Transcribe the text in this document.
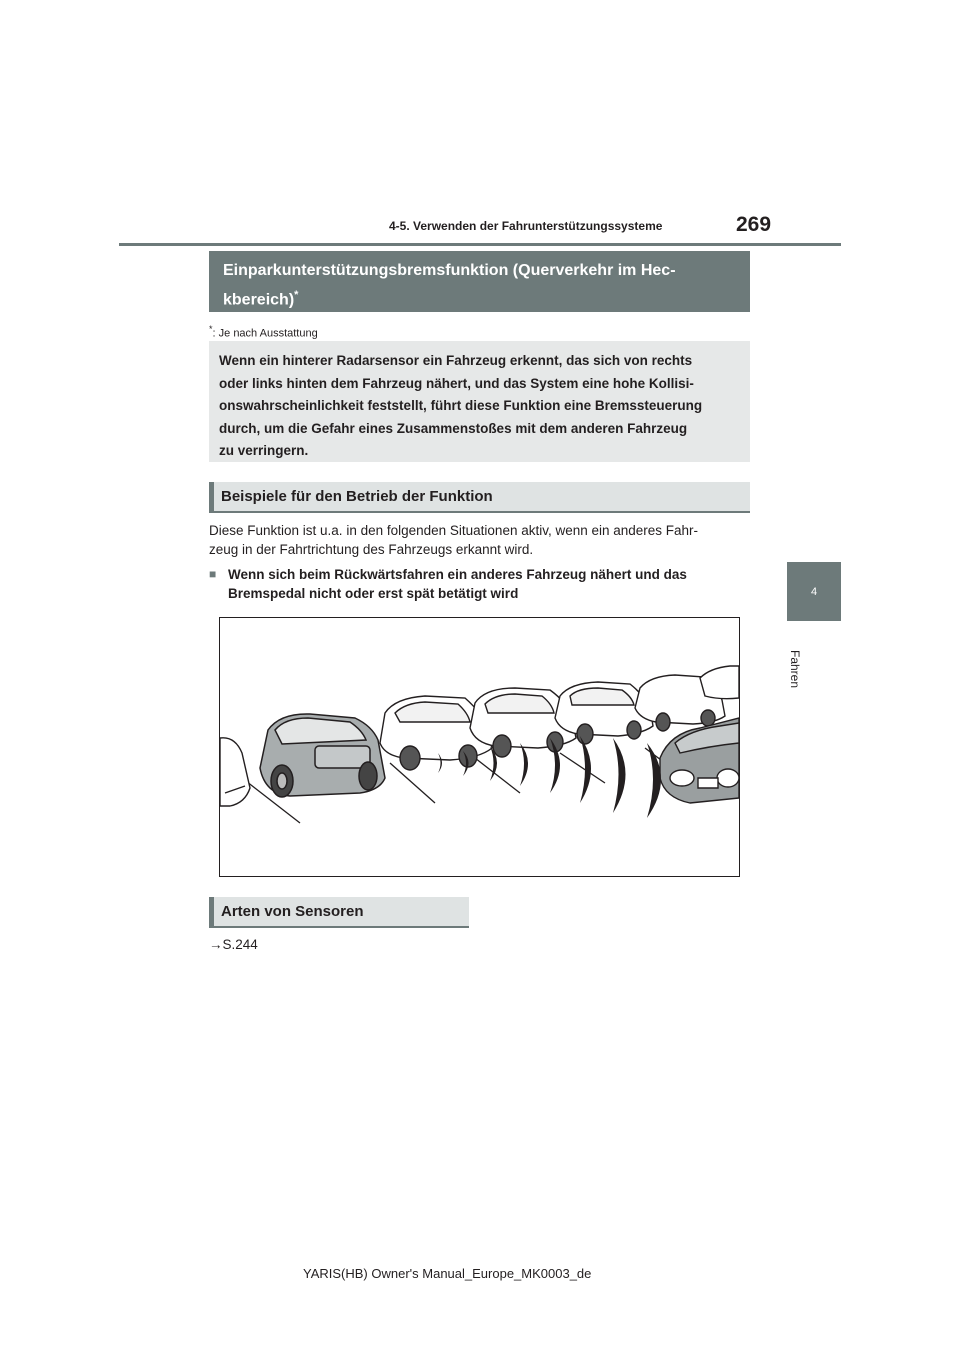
4-5. Verwenden der Fahrunterstützungssysteme	269
4
Fahren
Einparkunterstützungsbremsfunktion (Querverkehr im Hec-
kbereich)*
*: Je nach Ausstattung
Wenn ein hinterer Radarsensor ein Fahrzeug erkennt, das sich von rechts
oder links hinten dem Fahrzeug nähert, und das System eine hohe Kollisi-
onswahrscheinlichkeit feststellt, führt diese Funktion eine Bremssteuerung
durch, um die Gefahr eines Zusammenstoßes mit dem anderen Fahrzeug
zu verringern.
Beispiele für den Betrieb der Funktion
Diese Funktion ist u.a. in den folgenden Situationen aktiv, wenn ein anderes Fahr-
zeug in der Fahrtrichtung des Fahrzeugs erkannt wird.
■ Wenn sich beim Rückwärtsfahren ein anderes Fahrzeug nähert und das
Bremspedal nicht oder erst spät betätigt wird
Arten von Sensoren
→S.244
YARIS(HB) Owner's Manual_Europe_MK0003_de
